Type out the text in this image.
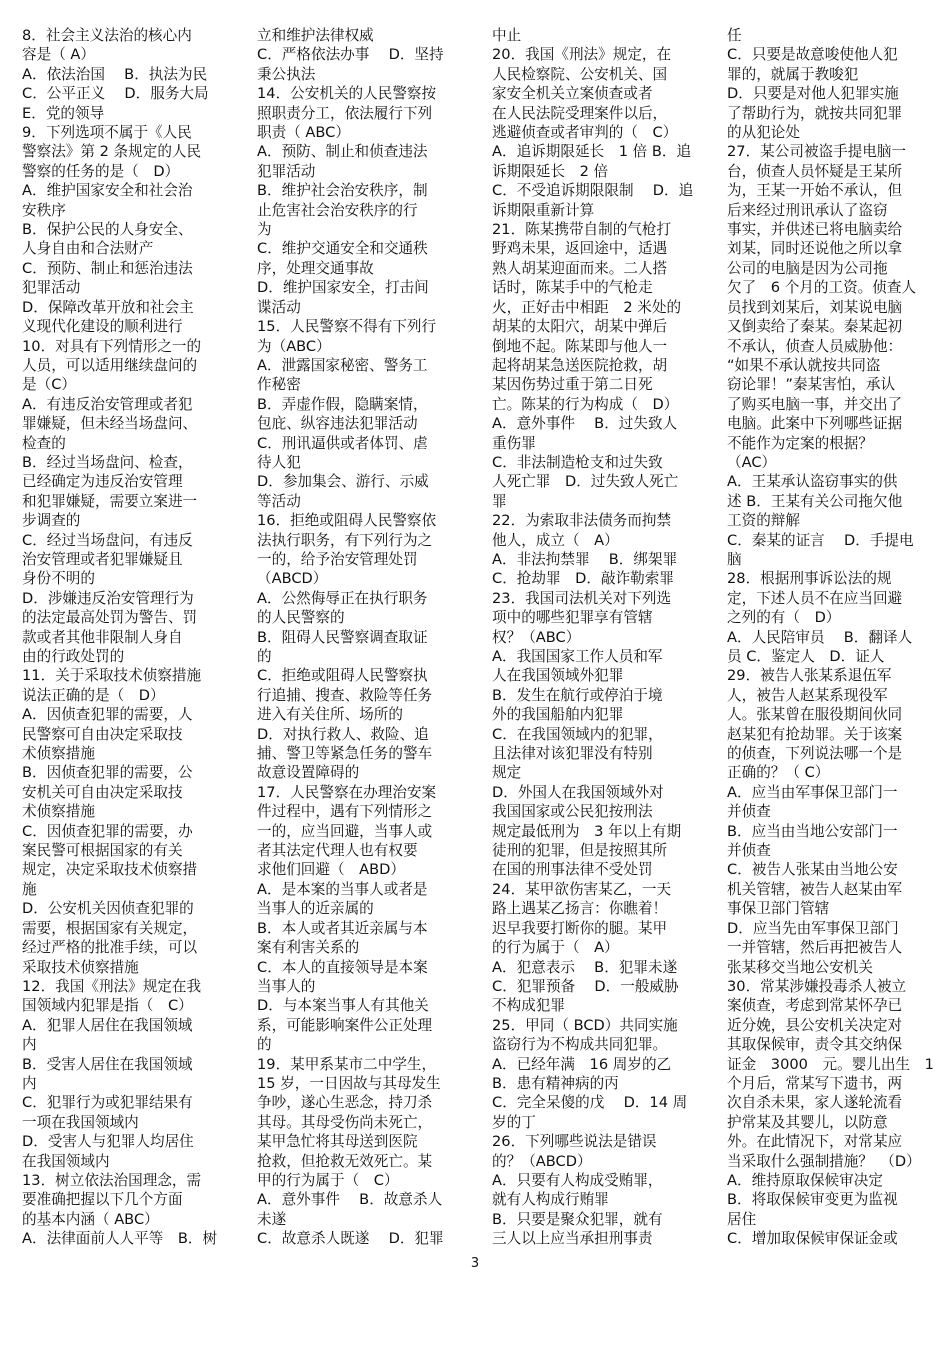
8．社会主义法治的核心内

容是（ A）

A．依法治国　 B．执法为民

C．公平正义　 D．服务大局

E．党的领导

9．下列选项不属于《人民

警察法》第 2 条规定的人民

警察的任务的是（　D）

A．维护国家安全和社会治

安秩序

B．保护公民的人身安全、

人身自由和合法财产

C．预防、制止和惩治违法

犯罪活动

D．保障改革开放和社会主

义现代化建设的顺利进行

10．对具有下列情形之一的

人员，可以适用继续盘问的

是（C）

A．有违反治安管理或者犯

罪嫌疑，但未经当场盘问、

检查的

B．经过当场盘问、检查，

已经确定为违反治安管理

和犯罪嫌疑，需要立案进一

步调查的

C．经过当场盘问，有违反

治安管理或者犯罪嫌疑且

身份不明的

D．涉嫌违反治安管理行为

的法定最高处罚为警告、罚

款或者其他非限制人身自

由的行政处罚的

11．关于采取技术侦察措施

说法正确的是（　D）

A．因侦查犯罪的需要，人

民警察可自由决定采取技

术侦察措施

B．因侦查犯罪的需要，公

安机关可自由决定采取技

术侦察措施

C．因侦查犯罪的需要，办

案民警可根据国家的有关

规定，决定采取技术侦察措

施

D．公安机关因侦查犯罪的

需要，根据国家有关规定，

经过严格的批准手续，可以

采取技术侦察措施

12．我国《刑法》规定在我

国领域内犯罪是指（　C）

A．犯罪人居住在我国领域

内

B．受害人居住在我国领域

内

C．犯罪行为或犯罪结果有

一项在我国领域内

D．受害人与犯罪人均居住

在我国领域内

13．树立依法治国理念，需

要准确把握以下几个方面

的基本内涵（ ABC）

A．法律面前人人平等　B．树

立和维护法律权威

C．严格依法办事　 D．坚持

秉公执法

14．公安机关的人民警察按

照职责分工，依法履行下列

职责（ ABC）

A．预防、制止和侦查违法

犯罪活动

B．维护社会治安秩序，制

止危害社会治安秩序的行

为

C．维护交通安全和交通秩

序，处理交通事故

D．维护国家安全，打击间

谍活动

15．人民警察不得有下列行

为（ABC）

A．泄露国家秘密、警务工

作秘密

B．弄虚作假，隐瞒案情，

包庇、纵容违法犯罪活动

C．刑讯逼供或者体罚、虐

待人犯

D．参加集会、游行、示威

等活动

16．拒绝或阻碍人民警察依

法执行职务，有下列行为之

一的，给予治安管理处罚

（ABCD）

A．公然侮辱正在执行职务

的人民警察的

B．阻碍人民警察调查取证

的

C．拒绝或阻碍人民警察执

行追捕、搜查、救险等任务

进入有关住所、场所的

D．对执行救人、救险、追

捕、警卫等紧急任务的警车

故意设置障碍的

17．人民警察在办理治安案

件过程中，遇有下列情形之

一的，应当回避，当事人或

者其法定代理人也有权要

求他们回避（　ABD）

A．是本案的当事人或者是

当事人的近亲属的

B．本人或者其近亲属与本

案有利害关系的

C．本人的直接领导是本案

当事人的

D．与本案当事人有其他关

系，可能影响案件公正处理

的

19．某甲系某市二中学生，

15 岁，一日因故与其母发生

争吵，遂心生恶念，持刀杀

其母。其母受伤尚未死亡，

某甲急忙将其母送到医院

抢救，但抢救无效死亡。某

甲的行为属于（　C）

A．意外事件　 B．故意杀人

未遂

C．故意杀人既遂　 D．犯罪

中止

20．我国《刑法》规定，在

人民检察院、公安机关、国

家安全机关立案侦查或者

在人民法院受理案件以后，

逃避侦查或者审判的（　C）

A．追诉期限延长　1 倍 B．追

诉期限延长　2 倍

C．不受追诉期限限制　 D．追

诉期限重新计算

21．陈某携带自制的气枪打

野鸡未果，返回途中，适遇

熟人胡某迎面而来。二人搭

话时，陈某手中的气枪走

火，正好击中相距　2 米处的

胡某的太阳穴，胡某中弹后

倒地不起。陈某即与他人一

起将胡某急送医院抢救，胡

某因伤势过重于第二日死

亡。陈某的行为构成（　D）

A．意外事件　 B．过失致人

重伤罪

C．非法制造枪支和过失致

人死亡罪　D．过失致人死亡

罪

22．为索取非法债务而拘禁

他人，成立（　A）

A．非法拘禁罪　 B．绑架罪

C．抢劫罪　D．敲诈勒索罪

23．我国司法机关对下列选

项中的哪些犯罪享有管辖

权？（ABC）

A．我国国家工作人员和军

人在我国领域外犯罪

B．发生在航行或停泊于境

外的我国船舶内犯罪

C．在我国领域内的犯罪，

且法律对该犯罪没有特别

规定

D．外国人在我国领域外对

我国国家或公民犯按刑法

规定最低刑为　3 年以上有期

徒刑的犯罪，但是按照其所

在国的刑事法律不受处罚

24．某甲欲伤害某乙，一天

路上遇某乙扬言：你瞧着！

迟早我要打断你的腿。某甲

的行为属于（　A）

A．犯意表示　 B．犯罪未遂

C．犯罪预备　 D．一般威胁

不构成犯罪

25．甲同（ BCD）共同实施

盗窃行为不构成共同犯罪。

A．已经年满　16 周岁的乙

B．患有精神病的丙

C．完全呆傻的戊　 D．14 周

岁的丁

26．下列哪些说法是错误

的？（ABCD）

A．只要有人构成受贿罪，

就有人构成行贿罪

B．只要是聚众犯罪，就有

三人以上应当承担刑事责

任

C．只要是故意唆使他人犯

罪的，就属于教唆犯

D．只要是对他人犯罪实施

了帮助行为，就按共同犯罪

的从犯论处

27．某公司被盗手提电脑一

台，侦查人员怀疑是王某所

为，王某一开始不承认，但

后来经过刑讯承认了盗窃

事实，并供述已将电脑卖给

刘某，同时还说他之所以拿

公司的电脑是因为公司拖

欠了　6 个月的工资。侦查人

员找到刘某后，刘某说电脑

又倒卖给了秦某。秦某起初

不承认，侦查人员威胁他：

“如果不承认就按共同盗

窃论罪！”秦某害怕，承认

了购买电脑一事，并交出了

电脑。此案中下列哪些证据

不能作为定案的根据？

（AC）

A．王某承认盗窃事实的供

述 B．王某有关公司拖欠他

工资的辩解

C．秦某的证言　 D．手提电

脑

28．根据刑事诉讼法的规

定，下述人员不在应当回避

之列的有（　D）

A．人民陪审员　 B．翻译人

员 C．鉴定人　D．证人

29．被告人张某系退伍军

人，被告人赵某系现役军

人。张某曾在服役期间伙同

赵某犯有抢劫罪。关于该案

的侦查，下列说法哪一个是

正确的？（ C）

A．应当由军事保卫部门一

并侦查

B．应当由当地公安部门一

并侦查

C．被告人张某由当地公安

机关管辖，被告人赵某由军

事保卫部门管辖

D．应当先由军事保卫部门

一并管辖，然后再把被告人

张某移交当地公安机关

30．常某涉嫌投毒杀人被立

案侦查，考虑到常某怀孕已

近分娩，县公安机关决定对

其取保候审，责令其交纳保

证金　3000　元。婴儿出生　1

个月后，常某写下遗书，两

次自杀未果，家人遂轮流看

护常某及其婴儿，以防意

外。在此情况下，对常某应

当采取什么强制措施？　（D）

A．维持原取保候审决定

B．将取保候审变更为监视

居住

C．增加取保候审保证金或

3
